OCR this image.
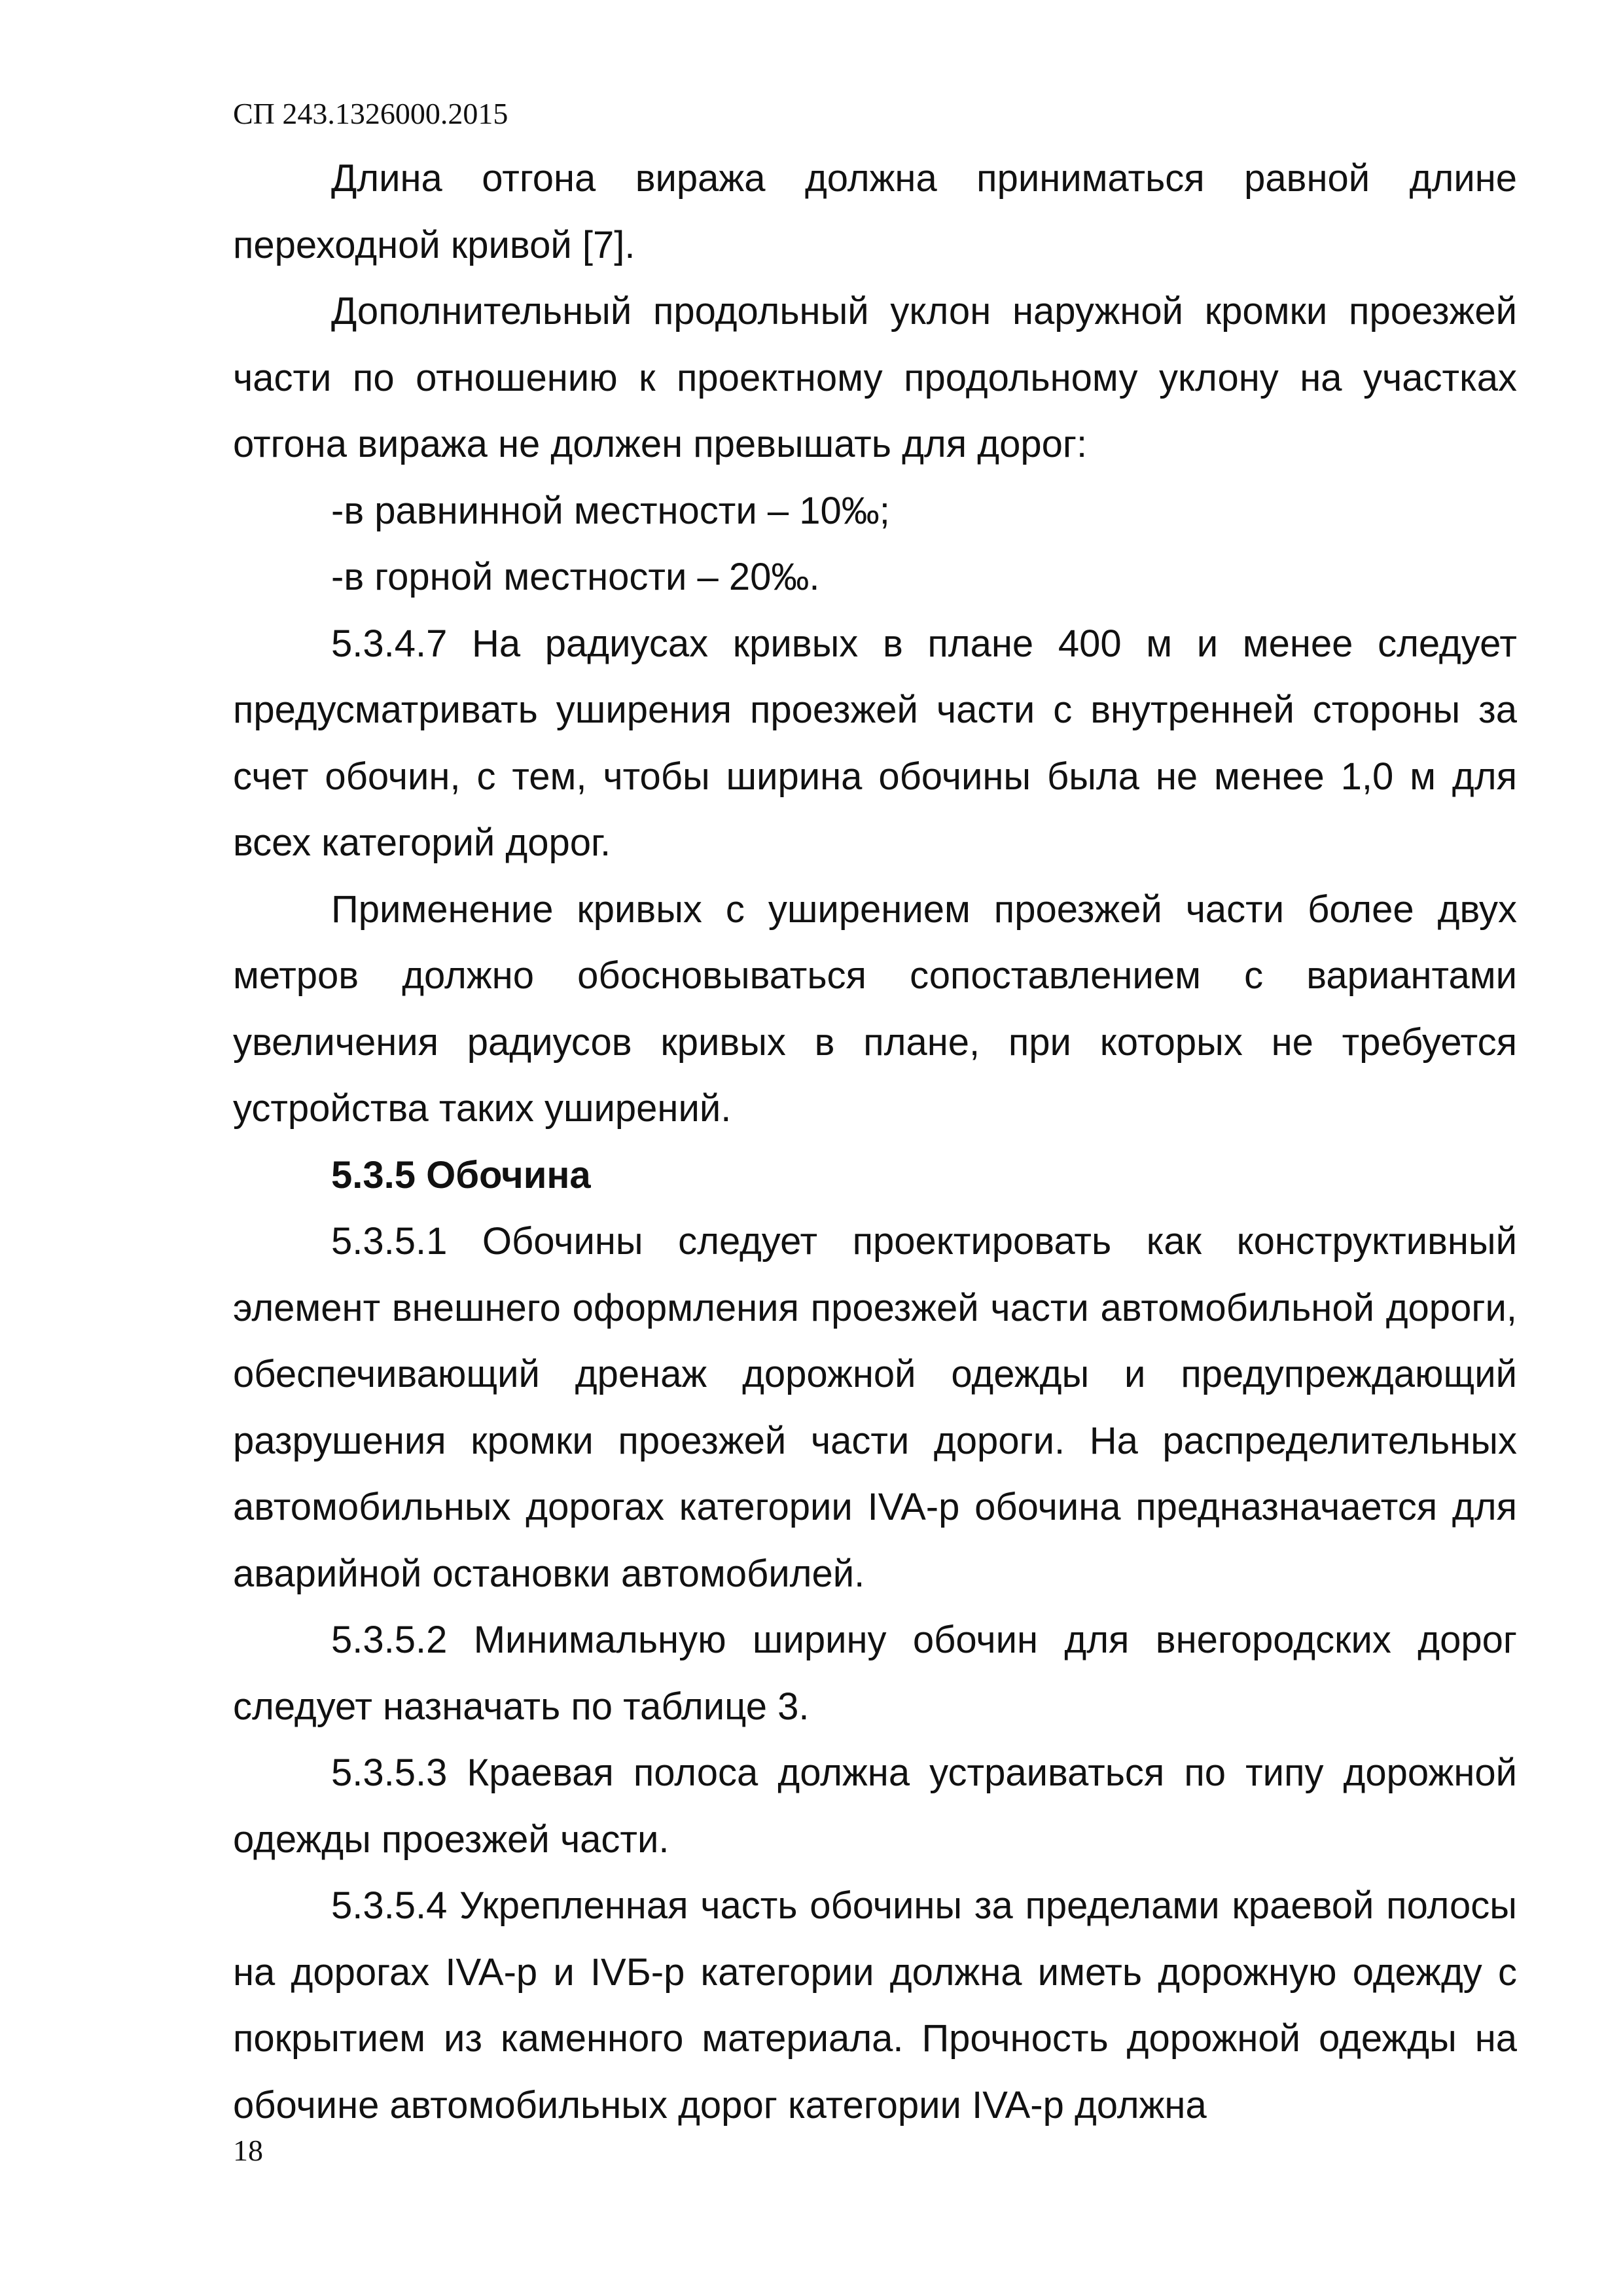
СП 243.1326000.2015

Длина отгона виража должна приниматься равной длине переходной кривой [7].

Дополнительный продольный уклон наружной кромки проезжей части по отношению к проектному продольному уклону на участках отгона виража не должен превышать для дорог:

-в равнинной местности – 10‰;

-в горной местности – 20‰.

5.3.4.7 На радиусах кривых в плане 400 м и менее следует предусматривать уширения проезжей части с внутренней стороны за счет обочин, с тем, чтобы ширина обочины была не менее 1,0 м для всех категорий дорог.

Применение кривых с уширением проезжей части более двух метров должно обосновываться сопоставлением с вариантами увеличения радиусов кривых в плане, при которых не требуется устройства таких уширений.

5.3.5 Обочина

5.3.5.1 Обочины следует проектировать как конструктивный элемент внешнего оформления проезжей части автомобильной дороги, обеспечивающий дренаж дорожной одежды и предупреждающий разрушения кромки проезжей части дороги. На распределительных автомобильных дорогах категории IVA-р обочина предназначается для аварийной остановки автомобилей.

5.3.5.2 Минимальную ширину обочин для внегородских дорог следует назначать по таблице 3.

5.3.5.3 Краевая полоса должна устраиваться по типу дорожной одежды проезжей части.

5.3.5.4 Укрепленная часть обочины за пределами краевой полосы на дорогах IVA-р и IVБ-р категории должна иметь дорожную одежду с покрытием из каменного материала. Прочность дорожной одежды на обочине автомобильных дорог категории IVA-р должна

18
